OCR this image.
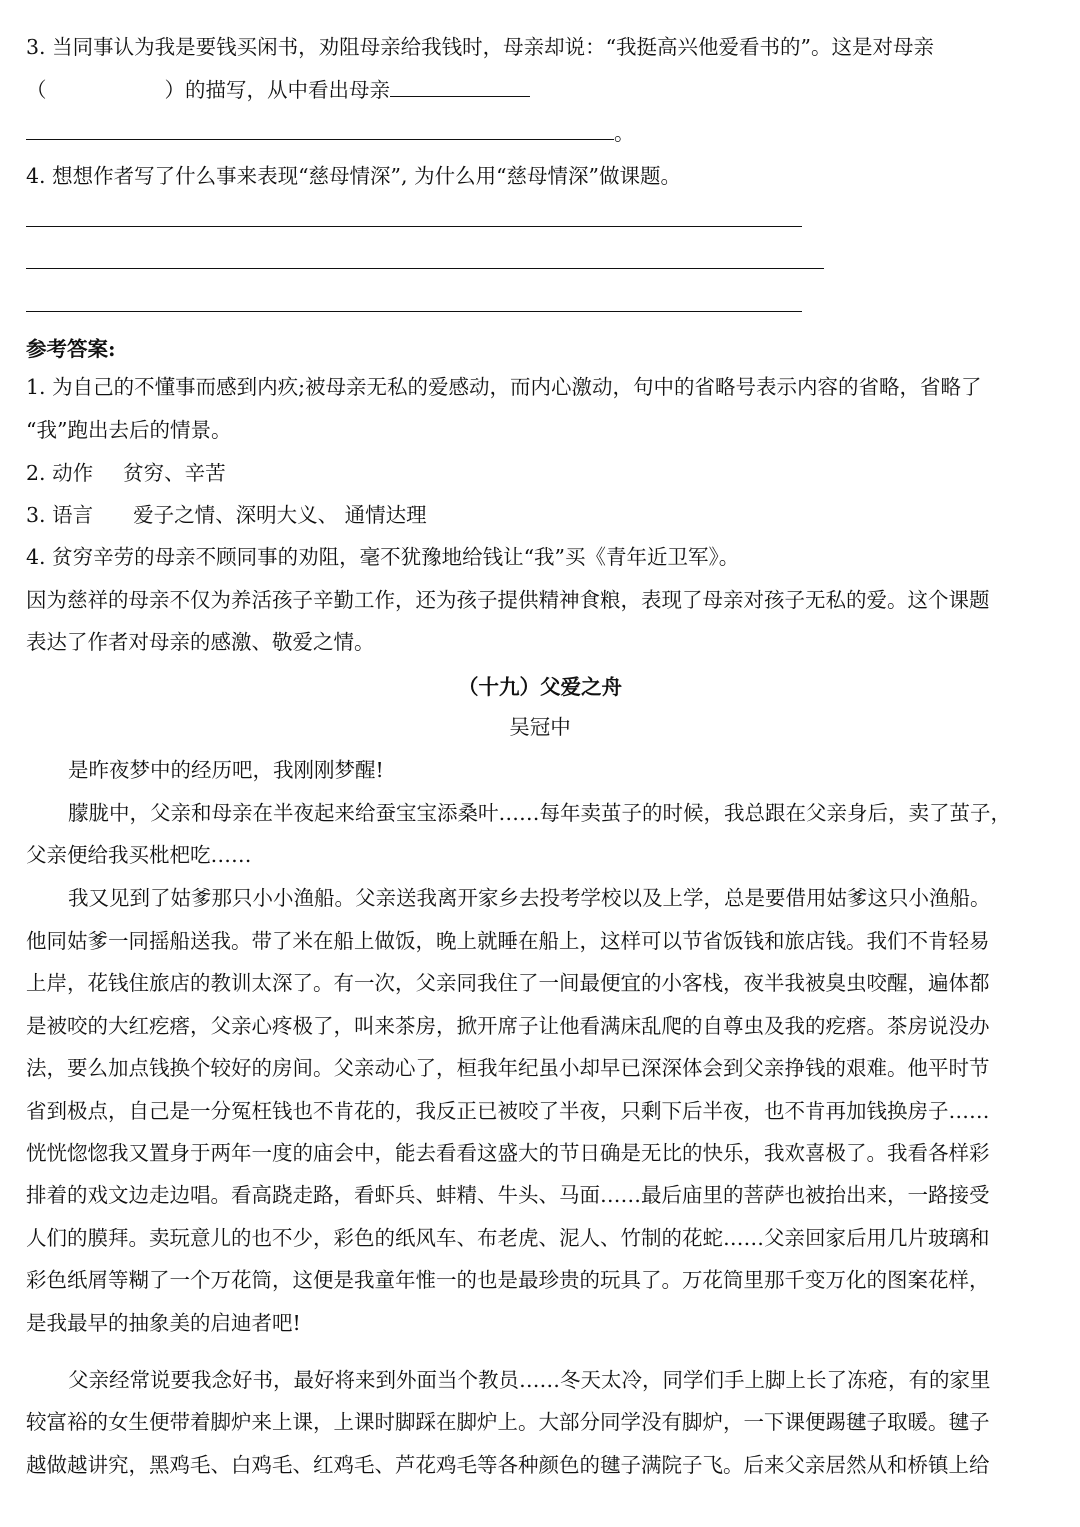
3. 当同事认为我是要钱买闲书，劝阻母亲给我钱时，母亲却说：“我挺高兴他爱看书的”。这是对母亲
（	）的描写，从中看出母亲
。
4. 想想作者写了什么事来表现“慈母情深”, 为什么用“慈母情深”做课题。
参考答案:
1. 为自己的不懂事而感到内疚;被母亲无私的爱感动，而内心激动，句中的省略号表示内容的省略，省略了
“我”跑出去后的情景。
2. 动作 贫穷、辛苦
3. 语言 爱子之情、深明大义、 通情达理
4. 贫穷辛劳的母亲不顾同事的劝阻，毫不犹豫地给钱让“我”买《青年近卫军》。
因为慈祥的母亲不仅为养活孩子辛勤工作，还为孩子提供精神食粮，表现了母亲对孩子无私的爱。这个课题
表达了作者对母亲的感激、敬爱之情。
（十九）父爱之舟
吴冠中
是昨夜梦中的经历吧，我刚刚梦醒!
朦胧中，父亲和母亲在半夜起来给蚕宝宝添桑叶……每年卖茧子的时候，我总跟在父亲身后，卖了茧子，
父亲便给我买枇杷吃……
我又见到了姑爹那只小小渔船。父亲送我离开家乡去投考学校以及上学，总是要借用姑爹这只小渔船。
他同姑爹一同摇船送我。带了米在船上做饭，晚上就睡在船上，这样可以节省饭钱和旅店钱。我们不肯轻易
上岸，花钱住旅店的教训太深了。有一次，父亲同我住了一间最便宜的小客栈，夜半我被臭虫咬醒，遍体都
是被咬的大红疙瘩，父亲心疼极了，叫来茶房，掀开席子让他看满床乱爬的自尊虫及我的疙瘩。茶房说没办
法，要么加点钱换个较好的房间。父亲动心了，桓我年纪虽小却早已深深体会到父亲挣钱的艰难。他平时节
省到极点，自己是一分冤枉钱也不肯花的，我反正已被咬了半夜，只剩下后半夜，也不肯再加钱换房子……
恍恍惚惚我又置身于两年一度的庙会中，能去看看这盛大的节日确是无比的快乐，我欢喜极了。我看各样彩
排着的戏文边走边唱。看高跷走路，看虾兵、蚌精、牛头、马面……最后庙里的菩萨也被抬出来，一路接受
人们的膜拜。卖玩意儿的也不少，彩色的纸风车、布老虎、泥人、竹制的花蛇……父亲回家后用几片玻璃和
彩色纸屑等糊了一个万花筒，这便是我童年惟一的也是最珍贵的玩具了。万花筒里那千变万化的图案花样，
是我最早的抽象美的启迪者吧!
父亲经常说要我念好书，最好将来到外面当个教员……冬天太冷，同学们手上脚上长了冻疮，有的家里
较富裕的女生便带着脚炉来上课，上课时脚踩在脚炉上。大部分同学没有脚炉，一下课便踢毽子取暖。毽子
越做越讲究，黑鸡毛、白鸡毛、红鸡毛、芦花鸡毛等各种颜色的毽子满院子飞。后来父亲居然从和桥镇上给
